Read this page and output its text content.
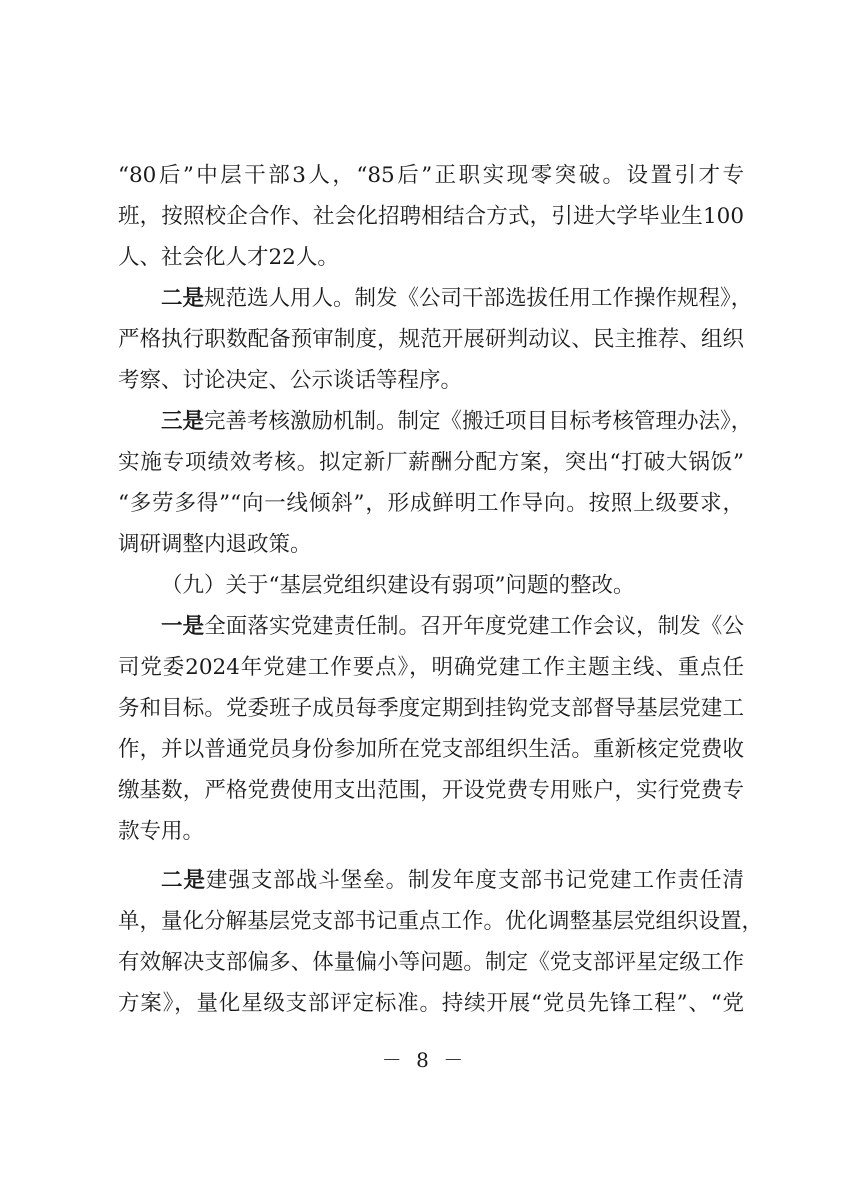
“80后”中层干部3人，“85后”正职实现零突破。设置引才专
班，按照校企合作、社会化招聘相结合方式，引进大学毕业生100
人、社会化人才22人。
二是规范选人用人。制发《公司干部选拔任用工作操作规程》，
严格执行职数配备预审制度，规范开展研判动议、民主推荐、组织
考察、讨论决定、公示谈话等程序。
三是完善考核激励机制。制定《搬迁项目目标考核管理办法》，
实施专项绩效考核。拟定新厂薪酬分配方案，突出“打破大锅饭”
“多劳多得”“向一线倾斜”，形成鲜明工作导向。按照上级要求，
调研调整内退政策。
（九）关于“基层党组织建设有弱项”问题的整改。
一是全面落实党建责任制。召开年度党建工作会议，制发《公
司党委2024年党建工作要点》，明确党建工作主题主线、重点任
务和目标。党委班子成员每季度定期到挂钩党支部督导基层党建工
作，并以普通党员身份参加所在党支部组织生活。重新核定党费收
缴基数，严格党费使用支出范围，开设党费专用账户，实行党费专
款专用。
二是建强支部战斗堡垒。制发年度支部书记党建工作责任清
单，量化分解基层党支部书记重点工作。优化调整基层党组织设置，
有效解决支部偏多、体量偏小等问题。制定《党支部评星定级工作
方案》，量化星级支部评定标准。持续开展“党员先锋工程”、“党
－ 8 －
